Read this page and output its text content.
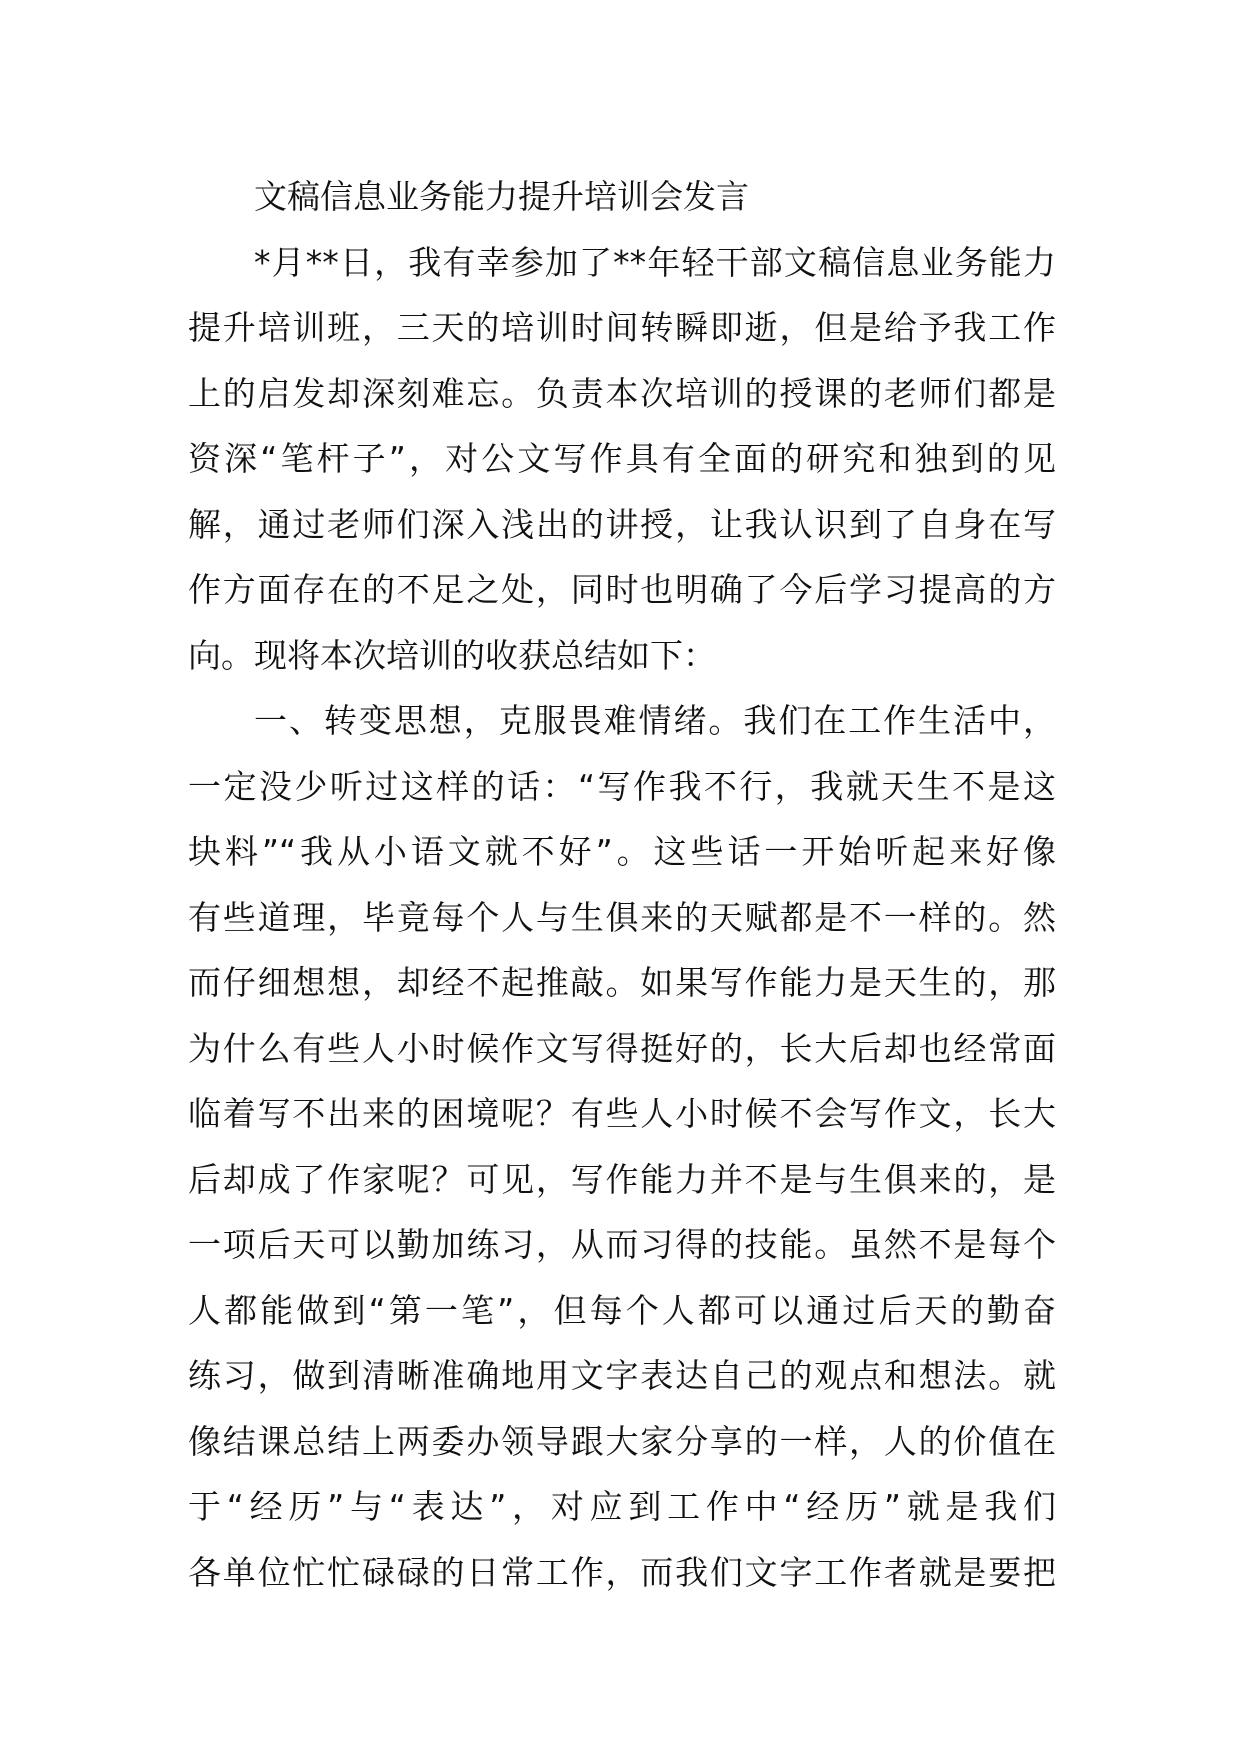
文稿信息业务能力提升培训会发言
*月**日，我有幸参加了**年轻干部文稿信息业务能力
提升培训班，三天的培训时间转瞬即逝，但是给予我工作
上的启发却深刻难忘。负责本次培训的授课的老师们都是
资深“笔杆子”，对公文写作具有全面的研究和独到的见
解，通过老师们深入浅出的讲授，让我认识到了自身在写
作方面存在的不足之处，同时也明确了今后学习提高的方
向。现将本次培训的收获总结如下：
一、转变思想，克服畏难情绪。我们在工作生活中，
一定没少听过这样的话：“写作我不行，我就天生不是这
块料”“我从小语文就不好”。这些话一开始听起来好像
有些道理，毕竟每个人与生俱来的天赋都是不一样的。然
而仔细想想，却经不起推敲。如果写作能力是天生的，那
为什么有些人小时候作文写得挺好的，长大后却也经常面
临着写不出来的困境呢？有些人小时候不会写作文，长大
后却成了作家呢？可见，写作能力并不是与生俱来的，是
一项后天可以勤加练习，从而习得的技能。虽然不是每个
人都能做到“第一笔”，但每个人都可以通过后天的勤奋
练习，做到清晰准确地用文字表达自己的观点和想法。就
像结课总结上两委办领导跟大家分享的一样，人的价值在
于“经历”与“表达”，对应到工作中“经历”就是我们
各单位忙忙碌碌的日常工作，而我们文字工作者就是要把
